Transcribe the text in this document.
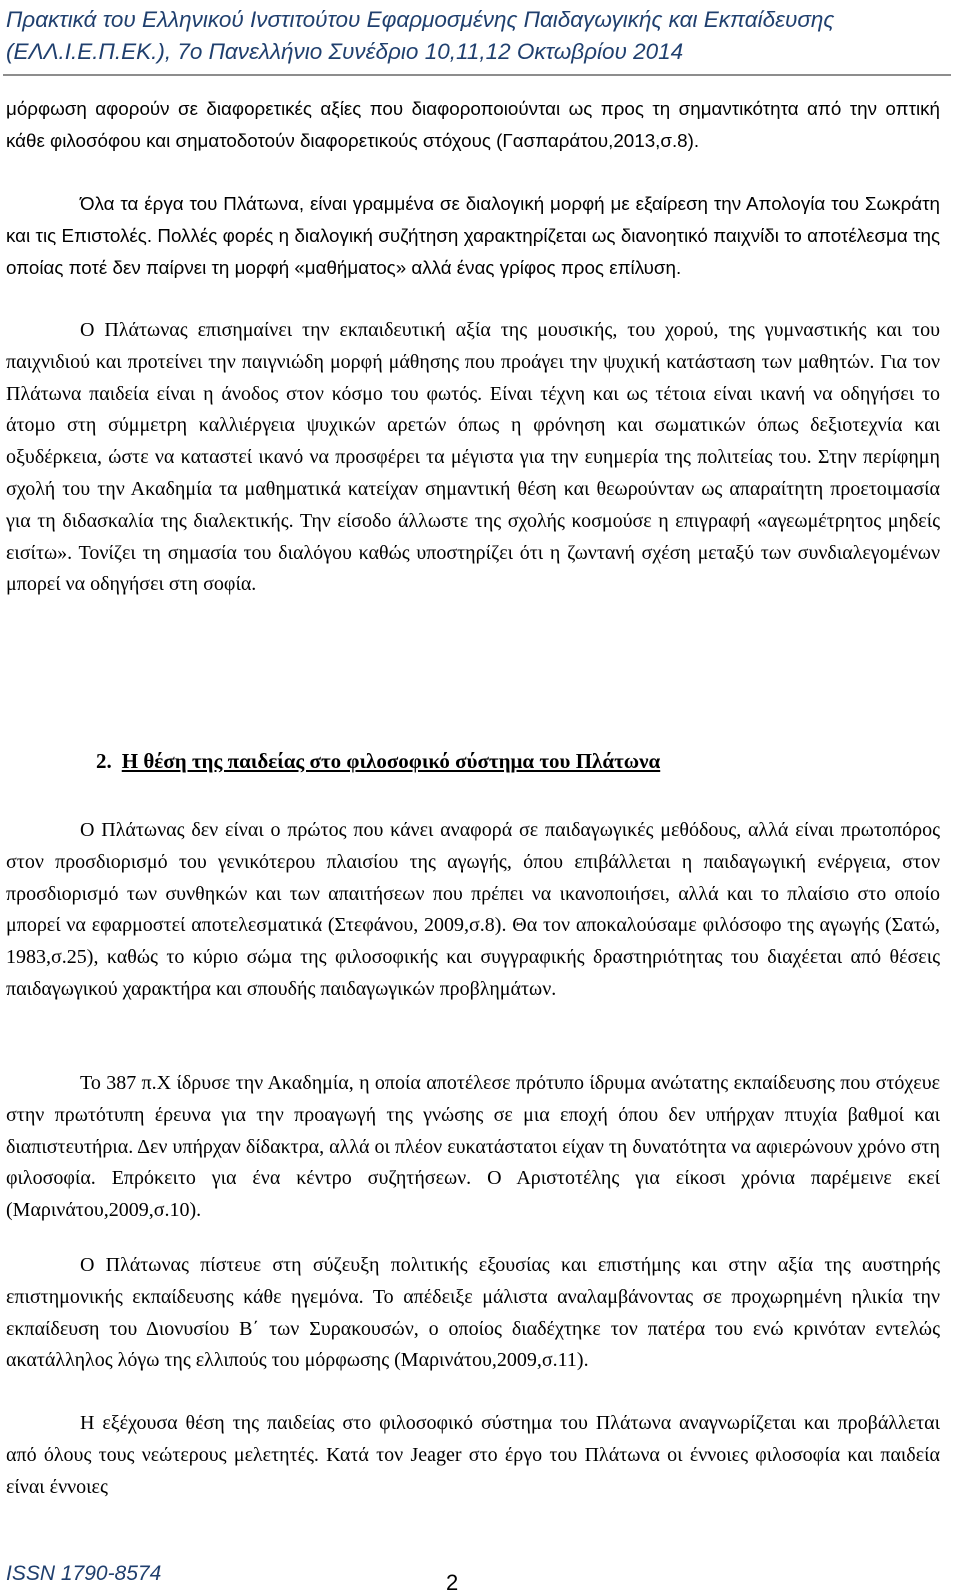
Πρακτικά του Ελληνικού Ινστιτούτου Εφαρμοσμένης Παιδαγωγικής και Εκπαίδευσης
(ΕΛΛ.Ι.Ε.Π.ΕΚ.), 7ο Πανελλήνιο Συνέδριο 10,11,12 Οκτωβρίου 2014

μόρφωση αφορούν σε διαφορετικές αξίες που διαφοροποιούνται ως προς τη σημαντικότητα από την οπτική κάθε φιλοσόφου και σηματοδοτούν διαφορετικούς στόχους (Γασπαράτου,2013,σ.8).

Όλα τα έργα του Πλάτωνα, είναι γραμμένα σε διαλογική μορφή με εξαίρεση την Απολογία του Σωκράτη και τις Επιστολές. Πολλές φορές η διαλογική συζήτηση χαρακτηρίζεται ως διανοητικό παιχνίδι το αποτέλεσμα της οποίας ποτέ δεν παίρνει τη μορφή «μαθήματος» αλλά ένας γρίφος προς επίλυση.

Ο Πλάτωνας επισημαίνει την εκπαιδευτική αξία της μουσικής, του χορού, της γυμναστικής και του παιχνιδιού και προτείνει την παιγνιώδη μορφή μάθησης που προάγει την ψυχική κατάσταση των μαθητών. Για τον Πλάτωνα παιδεία είναι η άνοδος στον κόσμο του φωτός. Είναι τέχνη και ως τέτοια είναι ικανή να οδηγήσει το άτομο στη σύμμετρη καλλιέργεια ψυχικών αρετών όπως η φρόνηση και σωματικών όπως δεξιοτεχνία και οξυδέρκεια, ώστε να καταστεί ικανό να προσφέρει τα μέγιστα για την ευημερία της πολιτείας του. Στην περίφημη σχολή του την Ακαδημία τα μαθηματικά κατείχαν σημαντική θέση και θεωρούνταν ως απαραίτητη προετοιμασία για τη διδασκαλία της διαλεκτικής. Την είσοδο άλλωστε της σχολής κοσμούσε η επιγραφή «αγεωμέτρητος μηδείς εισίτω». Τονίζει τη σημασία του διαλόγου καθώς υποστηρίζει ότι η ζωντανή σχέση μεταξύ των συνδιαλεγομένων μπορεί να οδηγήσει στη σοφία.

2. Η θέση της παιδείας στο φιλοσοφικό σύστημα του Πλάτωνα

Ο Πλάτωνας δεν είναι ο πρώτος που κάνει αναφορά σε παιδαγωγικές μεθόδους, αλλά είναι πρωτοπόρος στον προσδιορισμό του γενικότερου πλαισίου της αγωγής, όπου επιβάλλεται η παιδαγωγική ενέργεια, στον προσδιορισμό των συνθηκών και των απαιτήσεων που πρέπει να ικανοποιήσει, αλλά και το πλαίσιο στο οποίο μπορεί να εφαρμοστεί αποτελεσματικά (Στεφάνου, 2009,σ.8). Θα τον αποκαλούσαμε φιλόσοφο της αγωγής (Σατώ, 1983,σ.25), καθώς το κύριο σώμα της φιλοσοφικής και συγγραφικής δραστηριότητας του διαχέεται από θέσεις παιδαγωγικού χαρακτήρα και σπουδής παιδαγωγικών προβλημάτων.

Το 387 π.Χ ίδρυσε την Ακαδημία, η οποία αποτέλεσε πρότυπο ίδρυμα ανώτατης εκπαίδευσης που στόχευε στην πρωτότυπη έρευνα για την προαγωγή της γνώσης σε μια εποχή όπου δεν υπήρχαν πτυχία βαθμοί και διαπιστευτήρια. Δεν υπήρχαν δίδακτρα, αλλά οι πλέον ευκατάστατοι είχαν τη δυνατότητα να αφιερώνουν χρόνο στη φιλοσοφία. Επρόκειτο για ένα κέντρο συζητήσεων. Ο Αριστοτέλης για είκοσι χρόνια παρέμεινε εκεί (Μαρινάτου,2009,σ.10).

Ο Πλάτωνας πίστευε στη σύζευξη πολιτικής εξουσίας και επιστήμης και στην αξία της αυστηρής επιστημονικής εκπαίδευσης κάθε ηγεμόνα. Το απέδειξε μάλιστα αναλαμβάνοντας σε προχωρημένη ηλικία την εκπαίδευση του Διονυσίου Β΄ των Συρακουσών, ο οποίος διαδέχτηκε τον πατέρα του ενώ κρινόταν εντελώς ακατάλληλος λόγω της ελλιπούς του μόρφωσης (Μαρινάτου,2009,σ.11).

Η εξέχουσα θέση της παιδείας στο φιλοσοφικό σύστημα του Πλάτωνα αναγνωρίζεται και προβάλλεται από όλους τους νεώτερους μελετητές. Κατά τον Jeager στο έργο του Πλάτωνα οι έννοιες φιλοσοφία και παιδεία είναι έννοιες

ISSN 1790-8574	2
